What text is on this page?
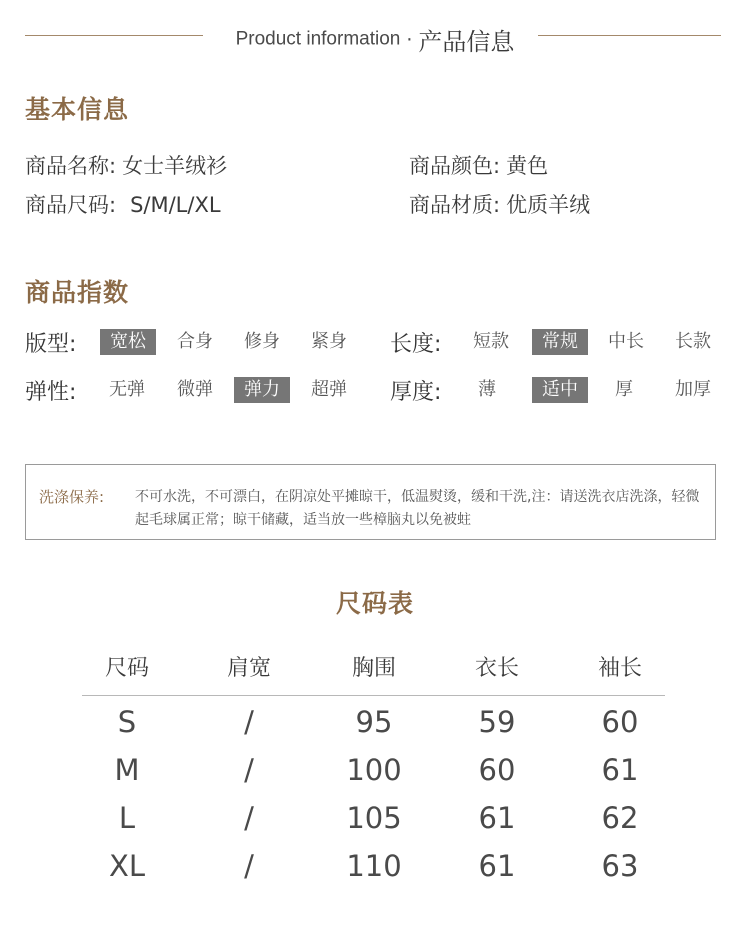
Product information · 产品信息
基本信息
商品名称: 女士羊绒衫	商品颜色: 黄色
商品尺码: S/M/L/XL	商品材质: 优质羊绒
商品指数
版型:	宽松	合身	修身	紧身	长度:	短款	常规	中长	长款
弹性:	无弹	微弹	弹力	超弹	厚度:	薄	适中	厚	加厚
洗涤保养: 不可水洗，不可漂白，在阴凉处平摊晾干，低温熨烫，缓和干洗,注：请送洗衣店洗涤，轻微起毛球属正常；晾干储藏，适当放一些樟脑丸以免被蛀
尺码表
尺码	肩宽	胸围	衣长	袖长
S	/	95	59	60
M	/	100	60	61
L	/	105	61	62
XL	/	110	61	63
